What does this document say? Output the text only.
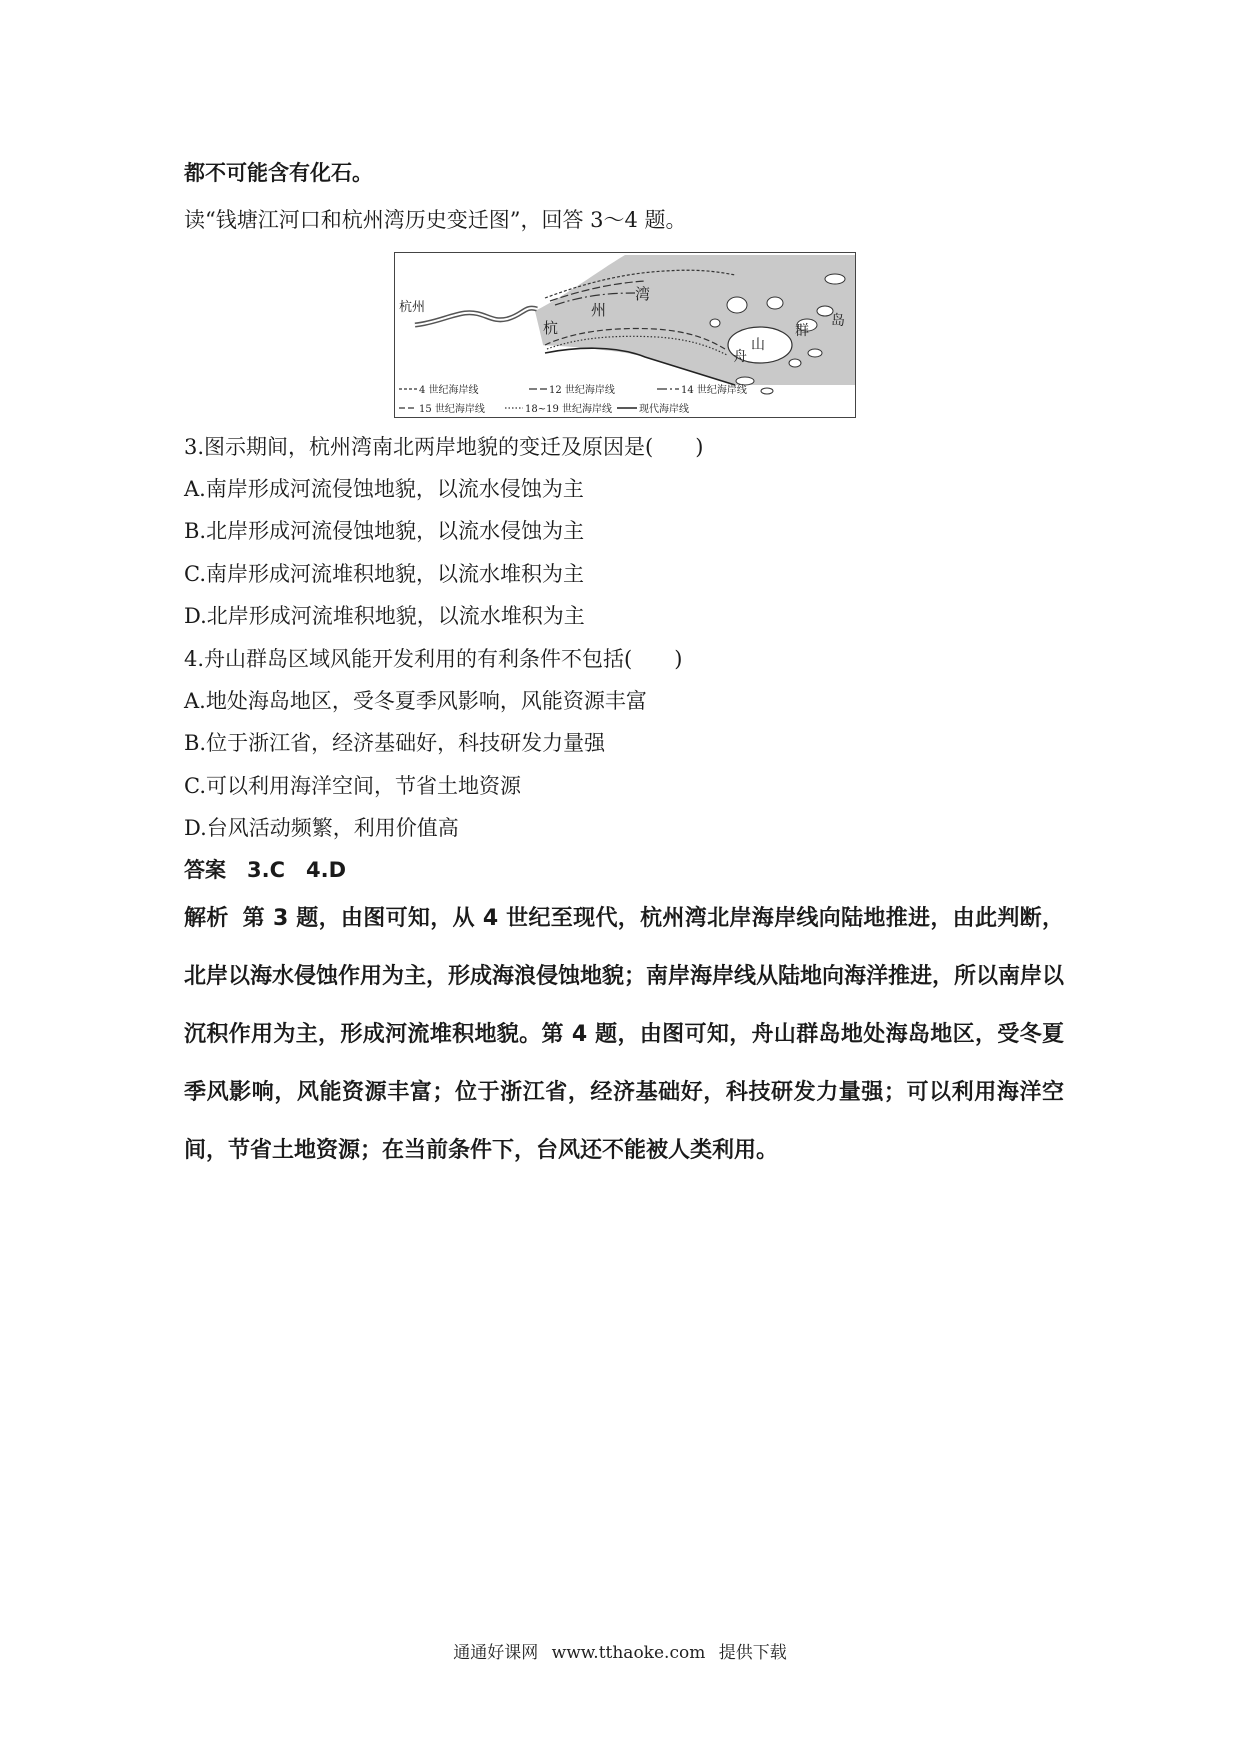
都不可能含有化石。
读“钱塘江河口和杭州湾历史变迁图”，回答 3～4 题。
杭州
杭
州
湾
舟
山
群
岛
4 世纪海岸线	12 世纪海岸线	14 世纪海岸线
15 世纪海岸线	18~19 世纪海岸线	现代海岸线
3.图示期间，杭州湾南北两岸地貌的变迁及原因是(　　)
A.南岸形成河流侵蚀地貌，以流水侵蚀为主
B.北岸形成河流侵蚀地貌，以流水侵蚀为主
C.南岸形成河流堆积地貌，以流水堆积为主
D.北岸形成河流堆积地貌，以流水堆积为主
4.舟山群岛区域风能开发利用的有利条件不包括(　　)
A.地处海岛地区，受冬夏季风影响，风能资源丰富
B.位于浙江省，经济基础好，科技研发力量强
C.可以利用海洋空间，节省土地资源
D.台风活动频繁，利用价值高
答案　3.C　4.D
解析 第 3 题，由图可知，从 4 世纪至现代，杭州湾北岸海岸线向陆地推进，由此判断，北岸以海水侵蚀作用为主，形成海浪侵蚀地貌；南岸海岸线从陆地向海洋推进，所以南岸以沉积作用为主，形成河流堆积地貌。第 4 题，由图可知，舟山群岛地处海岛地区，受冬夏季风影响，风能资源丰富；位于浙江省，经济基础好，科技研发力量强；可以利用海洋空间，节省土地资源；在当前条件下，台风还不能被人类利用。
通通好课网 www.tthaoke.com 提供下载
